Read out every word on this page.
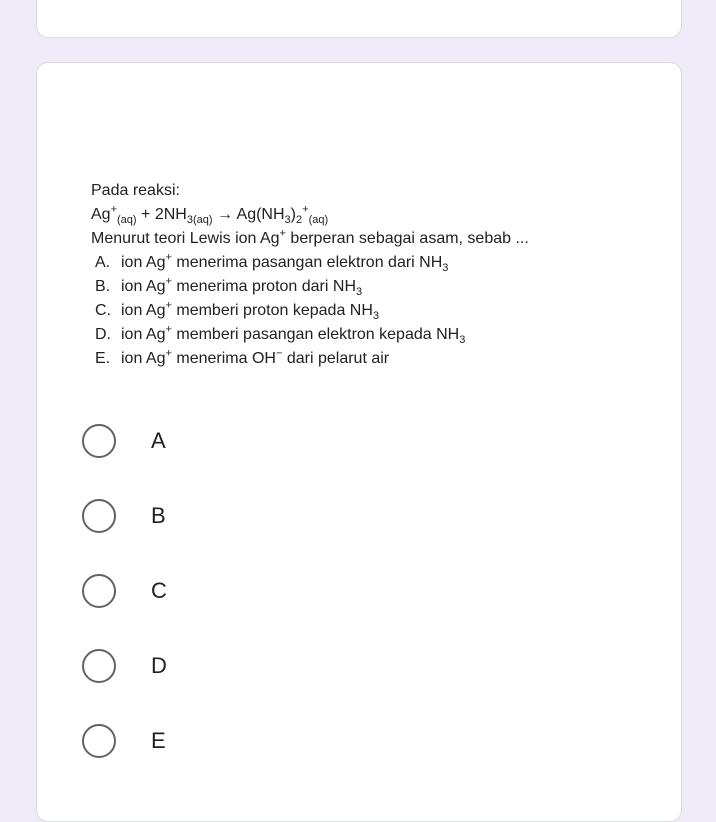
Pada reaksi:
$Ag^+_{(aq)} + 2NH_{3(aq)} \to Ag(NH_3)_2^+_{(aq)}$
Menurut teori Lewis ion Ag+ berperan sebagai asam, sebab ...
A. ion Ag+ menerima pasangan elektron dari $NH_3$
B. ion Ag+ menerima proton dari $NH_3$
C. ion Ag+ memberi proton kepada $NH_3$
D. ion Ag+ memberi pasangan elektron kepada $NH_3$
E. ion Ag+ menerima OH− dari pelarut air
A
B
C
D
E
